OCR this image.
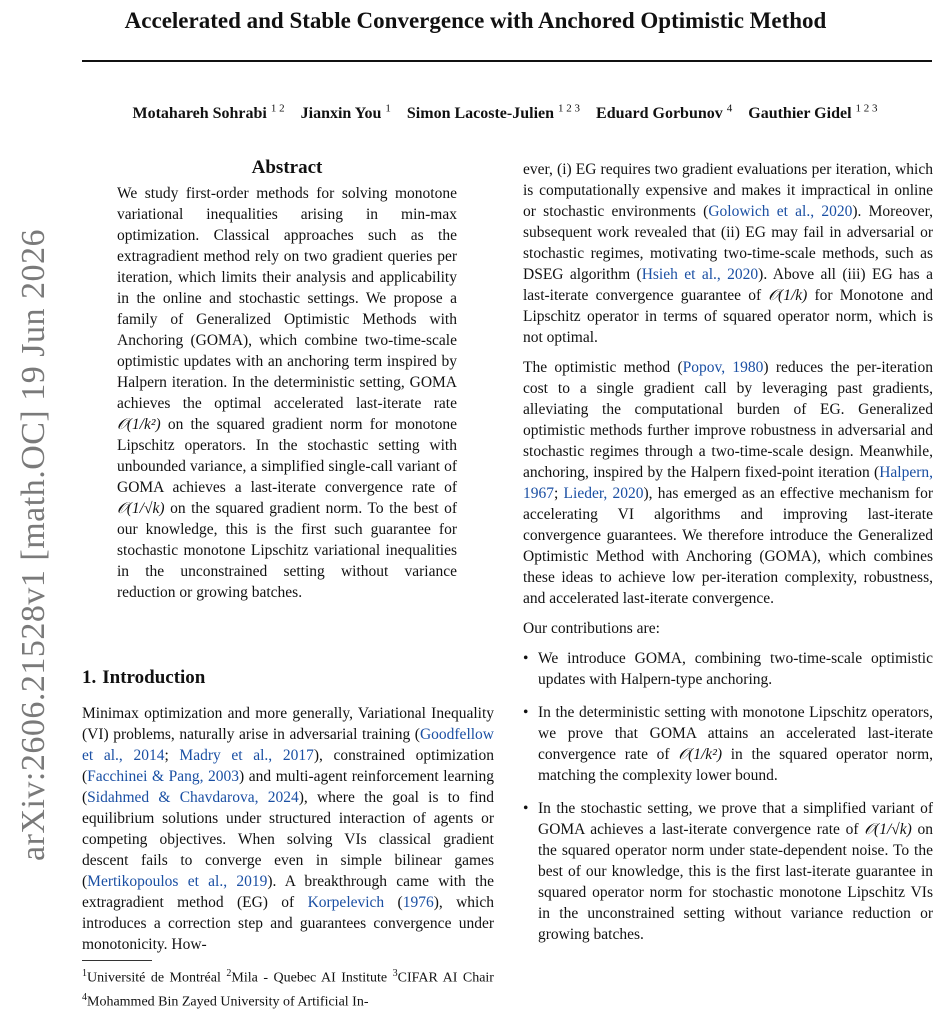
Accelerated and Stable Convergence with Anchored Optimistic Method
Motahareh Sohrabi $^{1 2}$ Jianxin You $^1$ Simon Lacoste-Julien $^{1 2 3}$ Eduard Gorbunov $^4$ Gauthier Gidel $^{1 2 3}$
arXiv:2606.21528v1 [math.OC] 19 Jun 2026
Abstract

We study first-order methods for solving monotone variational inequalities arising in min-max optimization. Classical approaches such as the extragradient method rely on two gradient queries per iteration, which limits their analysis and applicability in the online and stochastic settings. We propose a family of Generalized Optimistic Methods with Anchoring (GOMA), which combine two-time-scale optimistic updates with an anchoring term inspired by Halpern iteration. In the deterministic setting, GOMA achieves the optimal accelerated last-iterate rate 𝒪(1/k²) on the squared gradient norm for monotone Lipschitz operators. In the stochastic setting with unbounded variance, a simplified single-call variant of GOMA achieves a last-iterate convergence rate of 𝒪(1/√k) on the squared gradient norm. To the best of our knowledge, this is the first such guarantee for stochastic monotone Lipschitz variational inequalities in the unconstrained setting without variance reduction or growing batches.

1. Introduction

Minimax optimization and more generally, Variational Inequality (VI) problems, naturally arise in adversarial training (Goodfellow et al., 2014; Madry et al., 2017), constrained optimization (Facchinei & Pang, 2003) and multi-agent reinforcement learning (Sidahmed & Chavdarova, 2024), where the goal is to find equilibrium solutions under structured interaction of agents or competing objectives. When solving VIs classical gradient descent fails to converge even in simple bilinear games (Mertikopoulos et al., 2019). A breakthrough came with the extragradient method (EG) of Korpelevich (1976), which introduces a correction step and guarantees convergence under monotonicity. How-

ever, (i) EG requires two gradient evaluations per iteration, which is computationally expensive and makes it impractical in online or stochastic environments (Golowich et al., 2020). Moreover, subsequent work revealed that (ii) EG may fail in adversarial or stochastic regimes, motivating two-time-scale methods, such as DSEG algorithm (Hsieh et al., 2020). Above all (iii) EG has a last-iterate convergence guarantee of 𝒪(1/k) for Monotone and Lipschitz operator in terms of squared operator norm, which is not optimal.

The optimistic method (Popov, 1980) reduces the per-iteration cost to a single gradient call by leveraging past gradients, alleviating the computational burden of EG. Generalized optimistic methods further improve robustness in adversarial and stochastic regimes through a two-time-scale design. Meanwhile, anchoring, inspired by the Halpern fixed-point iteration (Halpern, 1967; Lieder, 2020), has emerged as an effective mechanism for accelerating VI algorithms and improving last-iterate convergence guarantees. We therefore introduce the Generalized Optimistic Method with Anchoring (GOMA), which combines these ideas to achieve low per-iteration complexity, robustness, and accelerated last-iterate convergence.

Our contributions are:

• We introduce GOMA, combining two-time-scale optimistic updates with Halpern-type anchoring.
• In the deterministic setting with monotone Lipschitz operators, we prove that GOMA attains an accelerated last-iterate convergence rate of 𝒪(1/k²) in the squared operator norm, matching the complexity lower bound.
• In the stochastic setting, we prove that a simplified variant of GOMA achieves a last-iterate convergence rate of 𝒪(1/√k) on the squared operator norm under state-dependent noise. To the best of our knowledge, this is the first last-iterate guarantee in squared operator norm for stochastic monotone Lipschitz VIs in the unconstrained setting without variance reduction or growing batches.
$^1$Université de Montréal $^2$Mila - Quebec AI Institute $^3$CIFAR AI Chair $^4$Mohammed Bin Zayed University of Artificial In-
